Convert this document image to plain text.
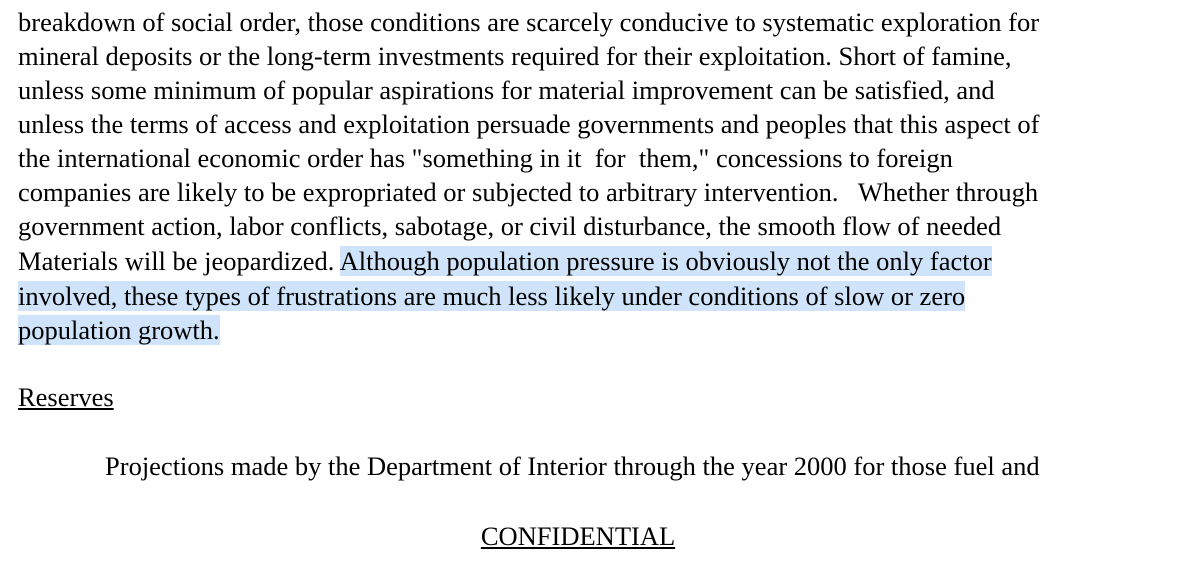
breakdown of social order, those conditions are scarcely conducive to systematic exploration for
mineral deposits or the long-term investments required for their exploitation. Short of famine,
unless some minimum of popular aspirations for material improvement can be satisfied, and
unless the terms of access and exploitation persuade governments and peoples that this aspect of
the international economic order has "something in it  for  them," concessions to foreign
companies are likely to be expropriated or subjected to arbitrary intervention.   Whether through
government action, labor conflicts, sabotage, or civil disturbance, the smooth flow of needed
Materials will be jeopardized. Although population pressure is obviously not the only factor
involved, these types of frustrations are much less likely under conditions of slow or zero
population growth.
Reserves
Projections made by the Department of Interior through the year 2000 for those fuel and
CONFIDENTIAL
